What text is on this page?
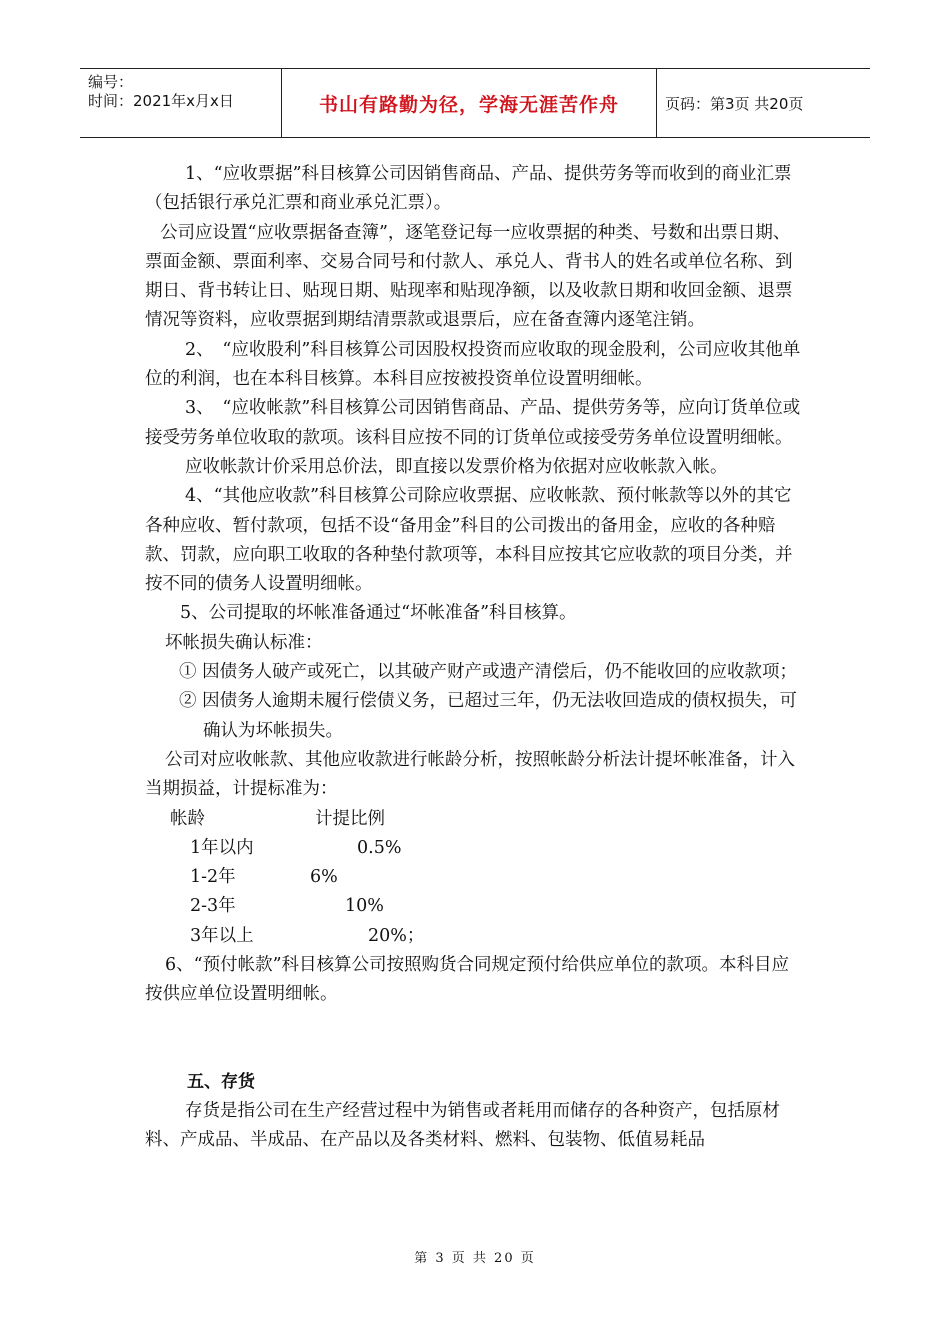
编号：
时间：2021年x月x日	书山有路勤为径，学海无涯苦作舟	页码：第3页 共20页

1、“应收票据”科目核算公司因销售商品、产品、提供劳务等而收到的商业汇票（包括银行承兑汇票和商业承兑汇票）。

公司应设置“应收票据备查簿”，逐笔登记每一应收票据的种类、号数和出票日期、票面金额、票面利率、交易合同号和付款人、承兑人、背书人的姓名或单位名称、到期日、背书转让日、贴现日期、贴现率和贴现净额，以及收款日期和收回金额、退票情况等资料，应收票据到期结清票款或退票后，应在备查簿内逐笔注销。

2、　“应收股利”科目核算公司因股权投资而应收取的现金股利，公司应收其他单位的利润，也在本科目核算。本科目应按被投资单位设置明细帐。

3、　“应收帐款”科目核算公司因销售商品、产品、提供劳务等，应向订货单位或接受劳务单位收取的款项。该科目应按不同的订货单位或接受劳务单位设置明细帐。

应收帐款计价采用总价法，即直接以发票价格为依据对应收帐款入帐。

4、“其他应收款”科目核算公司除应收票据、应收帐款、预付帐款等以外的其它各种应收、暂付款项，包括不设“备用金”科目的公司拨出的备用金，应收的各种赔款、罚款，应向职工收取的各种垫付款项等，本科目应按其它应收款的项目分类，并按不同的债务人设置明细帐。

5、公司提取的坏帐准备通过“坏帐准备”科目核算。

坏帐损失确认标准：

① 因债务人破产或死亡，以其破产财产或遗产清偿后，仍不能收回的应收款项；

② 因债务人逾期未履行偿债义务，已超过三年，仍无法收回造成的债权损失，可确认为坏帐损失。

公司对应收帐款、其他应收款进行帐龄分析，按照帐龄分析法计提坏帐准备，计入当期损益，计提标准为：

帐龄	计提比例
1年以内	0.5%
1-2年	6%
2-3年	10%
3年以上	20%；

6、“预付帐款”科目核算公司按照购货合同规定预付给供应单位的款项。本科目应按供应单位设置明细帐。

五、存货

存货是指公司在生产经营过程中为销售或者耗用而储存的各种资产，包括原材料、产成品、半成品、在产品以及各类材料、燃料、包装物、低值易耗品

第 3 页 共 20 页
